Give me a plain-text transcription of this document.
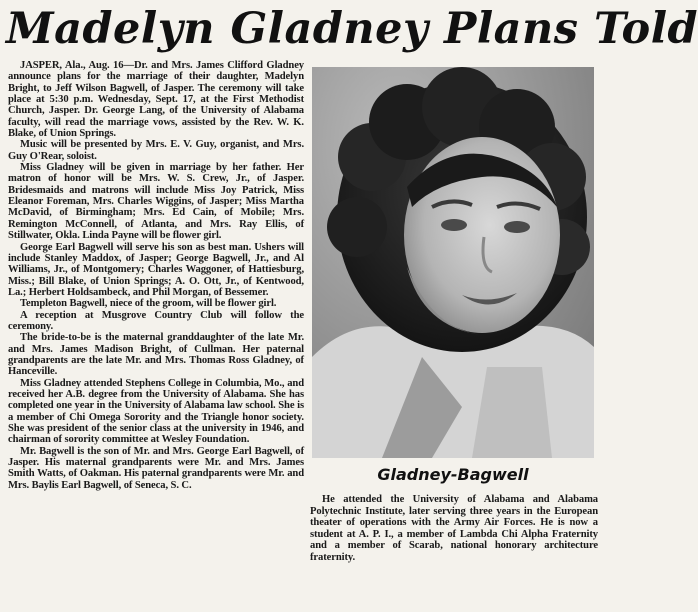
Madelyn Gladney Plans Told

JASPER, Ala., Aug. 16—Dr. and Mrs. James Clifford Gladney announce plans for the marriage of their daughter, Madelyn Bright, to Jeff Wilson Bagwell, of Jasper. The ceremony will take place at 5:30 p.m. Wednesday, Sept. 17, at the First Methodist Church, Jasper. Dr. George Lang, of the University of Alabama faculty, will read the marriage vows, assisted by the Rev. W. K. Blake, of Union Springs.

Music will be presented by Mrs. E. V. Guy, organist, and Mrs. Guy O'Rear, soloist.

Miss Gladney will be given in marriage by her father. Her matron of honor will be Mrs. W. S. Crew, Jr., of Jasper. Bridesmaids and matrons will include Miss Joy Patrick, Miss Eleanor Foreman, Mrs. Charles Wiggins, of Jasper; Miss Martha McDavid, of Birmingham; Mrs. Ed Cain, of Mobile; Mrs. Remington McConnell, of Atlanta, and Mrs. Ray Ellis, of Stillwater, Okla. Linda Payne will be flower girl.

George Earl Bagwell will serve his son as best man. Ushers will include Stanley Maddox, of Jasper; George Bagwell, Jr., and Al Williams, Jr., of Montgomery; Charles Waggoner, of Hattiesburg, Miss.; Bill Blake, of Union Springs; A. O. Ott, Jr., of Kentwood, La.; Herbert Holdsambeck, and Phil Morgan, of Bessemer.

Templeton Bagwell, niece of the groom, will be flower girl.

A reception at Musgrove Country Club will follow the ceremony.

The bride-to-be is the maternal granddaughter of the late Mr. and Mrs. James Madison Bright, of Cullman. Her paternal grandparents are the late Mr. and Mrs. Thomas Ross Gladney, of Hanceville.

Miss Gladney attended Stephens College in Columbia, Mo., and received her A.B. degree from the University of Alabama. She has completed one year in the University of Alabama law school. She is a member of Chi Omega Sorority and the Triangle honor society. She was president of the senior class at the university in 1946, and chairman of sorority committee at Wesley Foundation.

Mr. Bagwell is the son of Mr. and Mrs. George Earl Bagwell, of Jasper. His maternal grandparents were Mr. and Mrs. James Smith Watts, of Oakman. His paternal grandparents were Mr. and Mrs. Baylis Earl Bagwell, of Seneca, S. C.

Gladney-Bagwell

He attended the University of Alabama and Alabama Polytechnic Institute, later serving three years in the European theater of operations with the Army Air Forces. He is now a student at A. P. I., a member of Lambda Chi Alpha Fraternity and a member of Scarab, national honorary architecture fraternity.
